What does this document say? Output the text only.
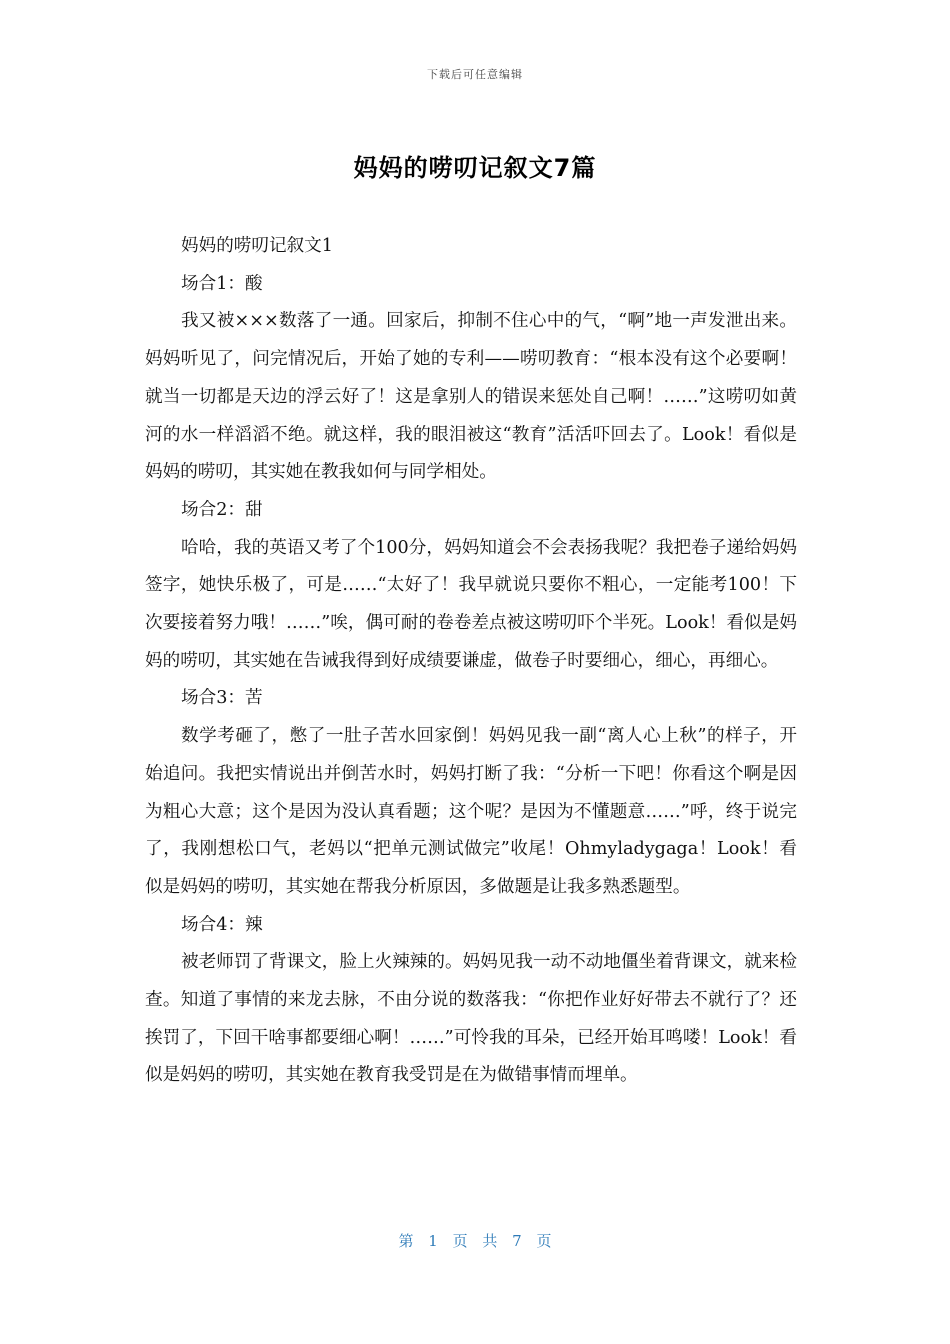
下载后可任意编辑
妈妈的唠叨记叙文7篇

妈妈的唠叨记叙文1

场合1：酸

我又被×××数落了一通。回家后，抑制不住心中的气，“啊”地一声发泄出来。妈妈听见了，问完情况后，开始了她的专利——唠叨教育：“根本没有这个必要啊！就当一切都是天边的浮云好了！这是拿别人的错误来惩处自己啊！……”这唠叨如黄河的水一样滔滔不绝。就这样，我的眼泪被这“教育”活活吓回去了。Look！看似是妈妈的唠叨，其实她在教我如何与同学相处。

场合2：甜

哈哈，我的英语又考了个100分，妈妈知道会不会表扬我呢？我把卷子递给妈妈签字，她快乐极了，可是……“太好了！我早就说只要你不粗心，一定能考100！下次要接着努力哦！……”唉，偶可耐的卷卷差点被这唠叨吓个半死。Look！看似是妈妈的唠叨，其实她在告诫我得到好成绩要谦虚，做卷子时要细心，细心，再细心。

场合3：苦

数学考砸了，憋了一肚子苦水回家倒！妈妈见我一副“离人心上秋”的样子，开始追问。我把实情说出并倒苦水时，妈妈打断了我：“分析一下吧！你看这个啊是因为粗心大意；这个是因为没认真看题；这个呢？是因为不懂题意……”呼，终于说完了，我刚想松口气，老妈以“把单元测试做完”收尾！Ohmyladygaga！Look！看似是妈妈的唠叨，其实她在帮我分析原因，多做题是让我多熟悉题型。

场合4：辣

被老师罚了背课文，脸上火辣辣的。妈妈见我一动不动地僵坐着背课文，就来检查。知道了事情的来龙去脉，不由分说的数落我：“你把作业好好带去不就行了？还挨罚了，下回干啥事都要细心啊！……”可怜我的耳朵，已经开始耳鸣喽！Look！看似是妈妈的唠叨，其实她在教育我受罚是在为做错事情而埋单。

第 1 页 共 7 页
